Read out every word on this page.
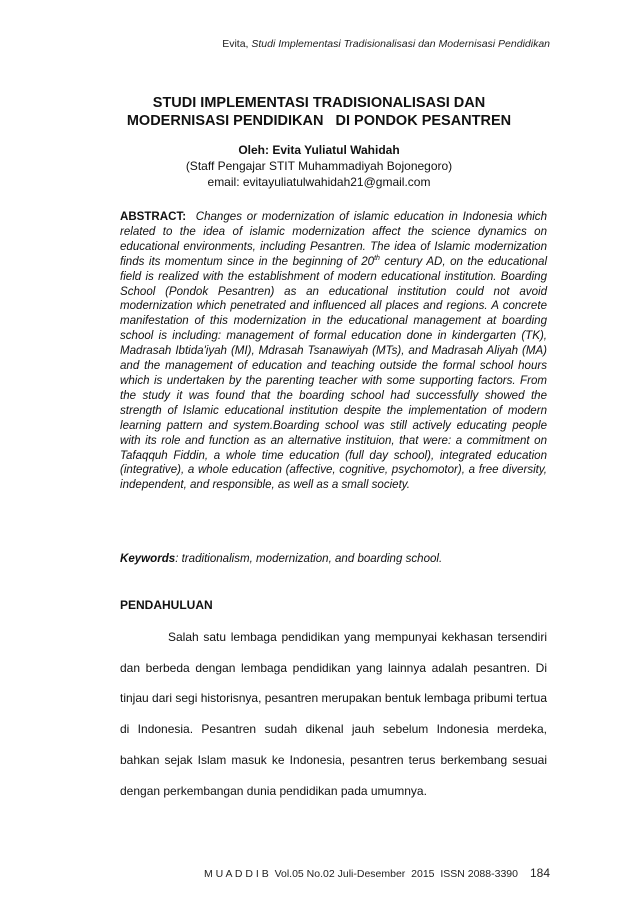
Evita, Studi Implementasi Tradisionalisasi dan Modernisasi Pendidikan
STUDI IMPLEMENTASI TRADISIONALISASI DAN
MODERNISASI PENDIDIKAN   DI PONDOK PESANTREN
Oleh: Evita Yuliatul Wahidah
(Staff Pengajar STIT Muhammadiyah Bojonegoro)
email: evitayuliatulwahidah21@gmail.com
ABSTRACT: Changes or modernization of islamic education in Indonesia which related to the idea of islamic modernization affect the science dynamics on educational environments, including Pesantren. The idea of Islamic modernization finds its momentum since in the beginning of 20th century AD, on the educational field is realized with the establishment of modern educational institution. Boarding School (Pondok Pesantren) as an educational institution could not avoid modernization which penetrated and influenced all places and regions. A concrete manifestation of this modernization in the educational management at boarding school is including: management of formal education done in kindergarten (TK), Madrasah Ibtida'iyah (MI), Mdrasah Tsanawiyah (MTs), and Madrasah Aliyah (MA) and the management of education and teaching outside the formal school hours which is undertaken by the parenting teacher with some supporting factors. From the study it was found that the boarding school had successfully showed the strength of Islamic educational institution despite the implementation of modern learning pattern and system.Boarding school was still actively educating people with its role and function as an alternative instituion, that were: a commitment on Tafaqquh Fiddin, a whole time education (full day school), integrated education (integrative), a whole education (affective, cognitive, psychomotor), a free diversity, independent, and responsible, as well as a small society.
Keywords: traditionalism, modernization, and boarding school.
PENDAHULUAN

Salah satu lembaga pendidikan yang mempunyai kekhasan tersendiri dan berbeda dengan lembaga pendidikan yang lainnya adalah pesantren. Di tinjau dari segi historisnya, pesantren merupakan bentuk lembaga pribumi tertua di Indonesia. Pesantren sudah dikenal jauh sebelum Indonesia merdeka, bahkan sejak Islam masuk ke Indonesia, pesantren terus berkembang sesuai dengan perkembangan dunia pendidikan pada umumnya.

M U A D D I B  Vol.05 No.02 Juli-Desember  2015  ISSN 2088-3390 184
